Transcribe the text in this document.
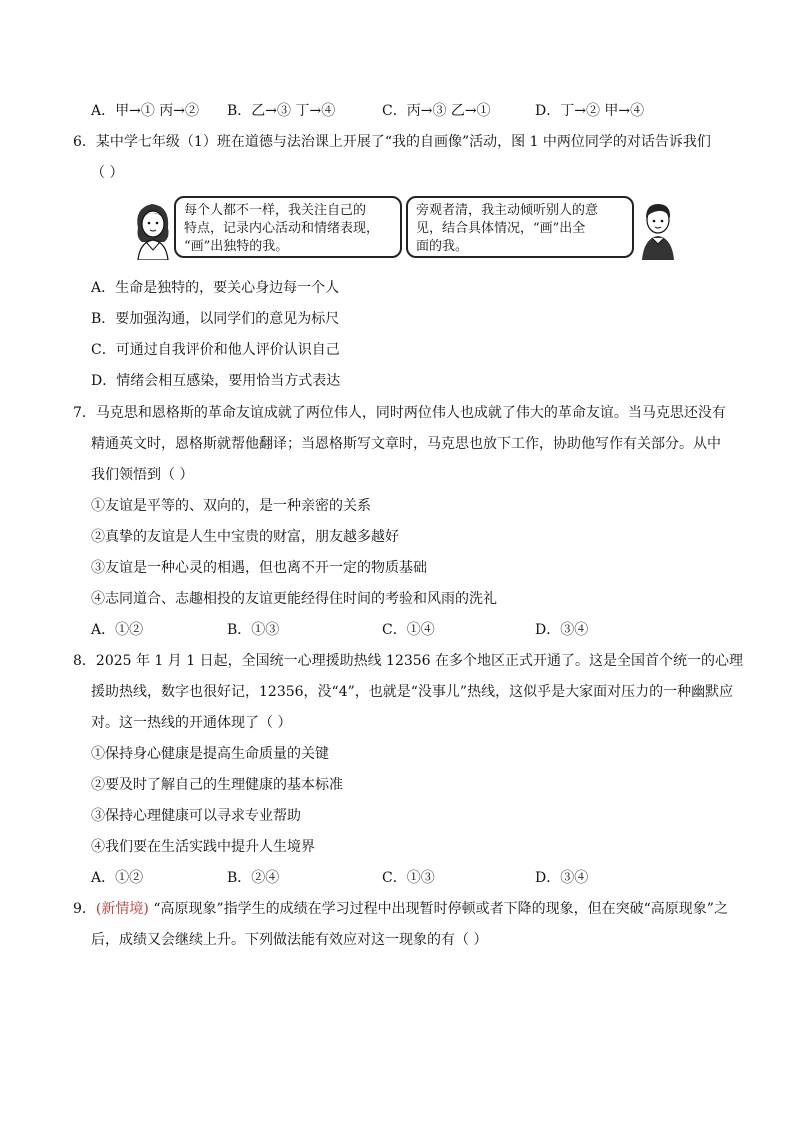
A．甲→① 丙→② B．乙→③ 丁→④	C．丙→③ 乙→①	D．丁→② 甲→④
6．某中学七年级（1）班在道德与法治课上开展了“我的自画像”活动，图 1 中两位同学的对话告诉我们
（ ）
每个人都不一样，我关注自己的
特点，记录内心活动和情绪表现，
“画”出独特的我。
旁观者清，我主动倾听别人的意
见，结合具体情况，“画”出全
面的我。
A．生命是独特的，要关心身边每一个人
B．要加强沟通，以同学们的意见为标尺
C．可通过自我评价和他人评价认识自己
D．情绪会相互感染，要用恰当方式表达
7．马克思和恩格斯的革命友谊成就了两位伟人，同时两位伟人也成就了伟大的革命友谊。当马克思还没有
精通英文时，恩格斯就帮他翻译；当恩格斯写文章时，马克思也放下工作，协助他写作有关部分。从中
我们领悟到（ ）
①友谊是平等的、双向的，是一种亲密的关系
②真挚的友谊是人生中宝贵的财富，朋友越多越好
③友谊是一种心灵的相遇，但也离不开一定的物质基础
④志同道合、志趣相投的友谊更能经得住时间的考验和风雨的洗礼
A．①②	B．①③	C．①④	D．③④
8．2025 年 1 月 1 日起，全国统一心理援助热线 12356 在多个地区正式开通了。这是全国首个统一的心理
援助热线，数字也很好记，12356，没“4”，也就是“没事儿”热线，这似乎是大家面对压力的一种幽默应
对。这一热线的开通体现了（ ）
①保持身心健康是提高生命质量的关键
②要及时了解自己的生理健康的基本标准
③保持心理健康可以寻求专业帮助
④我们要在生活实践中提升人生境界
A．①②	B．②④	C．①③	D．③④
9．(新情境) “高原现象”指学生的成绩在学习过程中出现暂时停顿或者下降的现象，但在突破“高原现象”之
后，成绩又会继续上升。下列做法能有效应对这一现象的有（ ）
